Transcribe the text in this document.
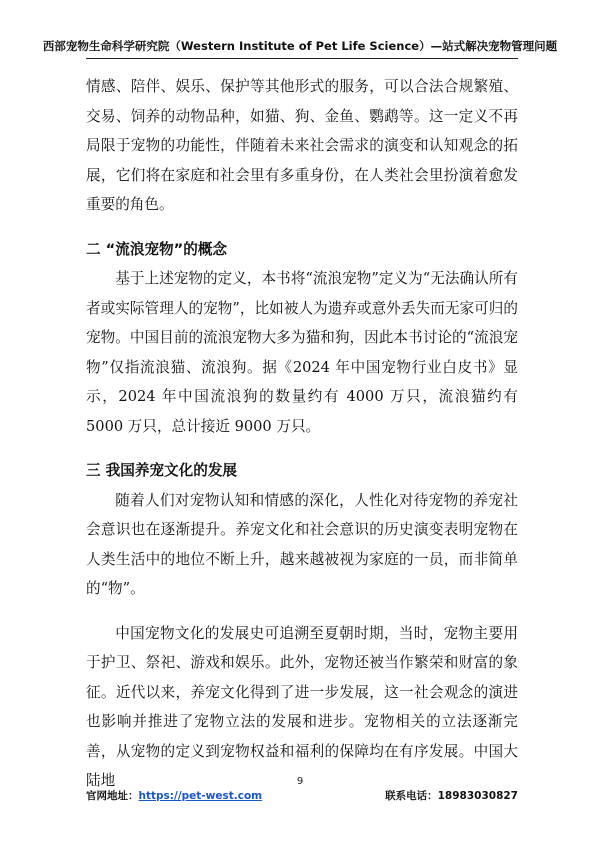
西部宠物生命科学研究院（Western Institute of Pet Life Science）—站式解决宠物管理问题

情感、陪伴、娱乐、保护等其他形式的服务，可以合法合规繁殖、交易、饲养的动物品种，如猫、狗、金鱼、鹦鹉等。这一定义不再局限于宠物的功能性，伴随着未来社会需求的演变和认知观念的拓展，它们将在家庭和社会里有多重身份，在人类社会里扮演着愈发重要的角色。

二 “流浪宠物”的概念

基于上述宠物的定义，本书将“流浪宠物”定义为“无法确认所有者或实际管理人的宠物”，比如被人为遗弃或意外丢失而无家可归的宠物。中国目前的流浪宠物大多为猫和狗，因此本书讨论的“流浪宠物”仅指流浪猫、流浪狗。据《2024 年中国宠物行业白皮书》显示，2024 年中国流浪狗的数量约有 4000 万只，流浪猫约有 5000 万只，总计接近 9000 万只。

三 我国养宠文化的发展

随着人们对宠物认知和情感的深化，人性化对待宠物的养宠社会意识也在逐渐提升。养宠文化和社会意识的历史演变表明宠物在人类生活中的地位不断上升，越来越被视为家庭的一员，而非简单的“物”。

中国宠物文化的发展史可追溯至夏朝时期，当时，宠物主要用于护卫、祭祀、游戏和娱乐。此外，宠物还被当作繁荣和财富的象征。近代以来，养宠文化得到了进一步发展，这一社会观念的演进也影响并推进了宠物立法的发展和进步。宠物相关的立法逐渐完善，从宠物的定义到宠物权益和福利的保障均在有序发展。中国大陆地	9
官网地址：https://pet-west.com	联系电话：18983030827
